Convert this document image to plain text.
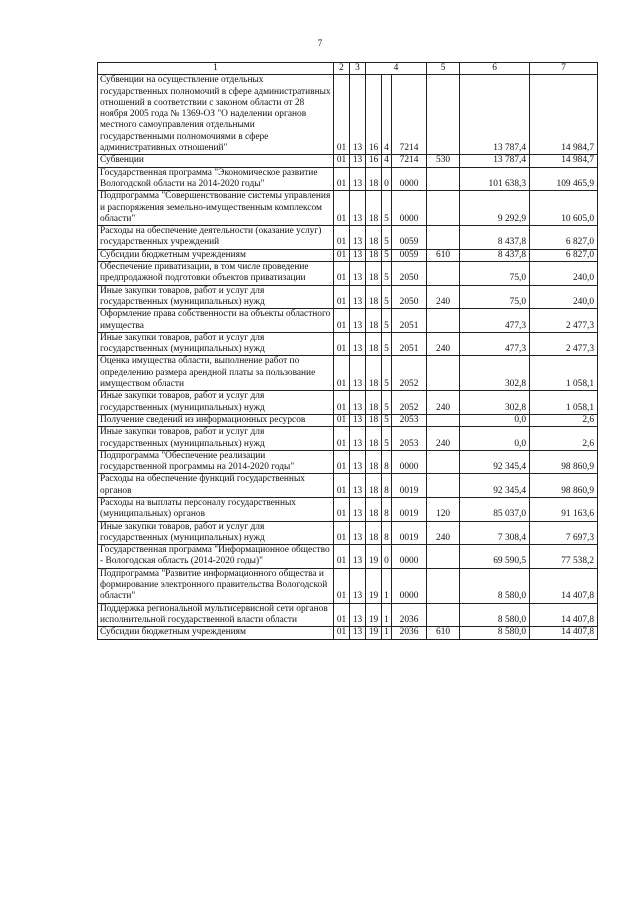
7
1	2	3	4			5	6	7
Субвенции на осуществление отдельных государственных полномочий в сфере административных отношений в соответствии с законом области от 28 ноября 2005 года № 1369-ОЗ "О наделении органов местного самоуправления отдельными государственными полномочиями в сфере административных отношений"	01	13	16	4	7214		13 787,4	14 984,7
Субвенции	01	13	16	4	7214	530	13 787,4	14 984,7
Государственная программа "Экономическое развитие Вологодской области на 2014-2020 годы"	01	13	18	0	0000		101 638,3	109 465,9
Подпрограмма "Совершенствование системы управления и распоряжения земельно-имущественным комплексом области"	01	13	18	5	0000		9 292,9	10 605,0
Расходы на обеспечение деятельности (оказание услуг) государственных учреждений	01	13	18	5	0059		8 437,8	6 827,0
Субсидии бюджетным учреждениям	01	13	18	5	0059	610	8 437,8	6 827,0
Обеспечение приватизации, в том числе проведение предпродажной подготовки объектов приватизации	01	13	18	5	2050		75,0	240,0
Иные закупки товаров, работ и услуг для государственных (муниципальных) нужд	01	13	18	5	2050	240	75,0	240,0
Оформление права собственности на объекты областного имущества	01	13	18	5	2051		477,3	2 477,3
Иные закупки товаров, работ и услуг для государственных (муниципальных) нужд	01	13	18	5	2051	240	477,3	2 477,3
Оценка имущества области, выполнение работ по определению размера арендной платы за пользование имуществом области	01	13	18	5	2052		302,8	1 058,1
Иные закупки товаров, работ и услуг для государственных (муниципальных) нужд	01	13	18	5	2052	240	302,8	1 058,1
Получение сведений из информационных ресурсов	01	13	18	5	2053		0,0	2,6
Иные закупки товаров, работ и услуг для государственных (муниципальных) нужд	01	13	18	5	2053	240	0,0	2,6
Подпрограмма "Обеспечение реализации государственной программы на 2014-2020 годы"	01	13	18	8	0000		92 345,4	98 860,9
Расходы на обеспечение функций государственных органов	01	13	18	8	0019		92 345,4	98 860,9
Расходы на выплаты персоналу государственных (муниципальных) органов	01	13	18	8	0019	120	85 037,0	91 163,6
Иные закупки товаров, работ и услуг для государственных (муниципальных) нужд	01	13	18	8	0019	240	7 308,4	7 697,3
Государственная программа "Информационное общество - Вологодская область (2014-2020 годы)"	01	13	19	0	0000		69 590,5	77 538,2
Подпрограмма "Развитие информационного общества и формирование электронного правительства Вологодской области"	01	13	19	1	0000		8 580,0	14 407,8
Поддержка региональной мультисервисной сети органов исполнительной государственной власти области	01	13	19	1	2036		8 580,0	14 407,8
Субсидии бюджетным учреждениям	01	13	19	1	2036	610	8 580,0	14 407,8
